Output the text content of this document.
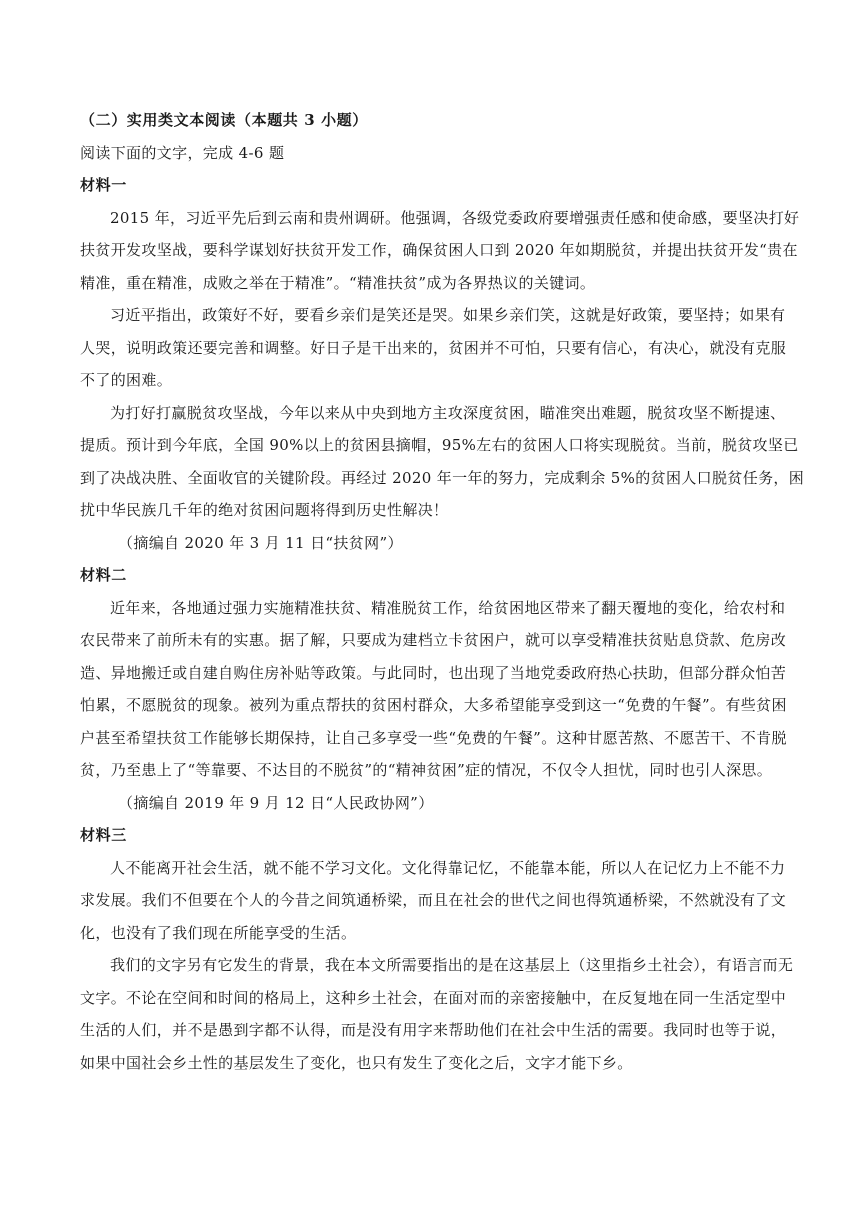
（二）实用类文本阅读（本题共 3 小题）
阅读下面的文字，完成 4-6 题
材料一
2015 年，习近平先后到云南和贵州调研。他强调，各级党委政府要增强责任感和使命感，要坚决打好
扶贫开发攻坚战，要科学谋划好扶贫开发工作，确保贫困人口到 2020 年如期脱贫，并提出扶贫开发“贵在
精准，重在精准，成败之举在于精准”。“精准扶贫”成为各界热议的关键词。
习近平指出，政策好不好，要看乡亲们是笑还是哭。如果乡亲们笑，这就是好政策，要坚持；如果有
人哭，说明政策还要完善和调整。好日子是干出来的，贫困并不可怕，只要有信心，有决心，就没有克服
不了的困难。
为打好打赢脱贫攻坚战，今年以来从中央到地方主攻深度贫困，瞄准突出难题，脱贫攻坚不断提速、
提质。预计到今年底，全国 90%以上的贫困县摘帽，95%左右的贫困人口将实现脱贫。当前，脱贫攻坚已
到了决战决胜、全面收官的关键阶段。再经过 2020 年一年的努力，完成剩余 5%的贫困人口脱贫任务，困
扰中华民族几千年的绝对贫困问题将得到历史性解决！
（摘编自 2020 年 3 月 11 日“扶贫网”）
材料二
近年来，各地通过强力实施精准扶贫、精准脱贫工作，给贫困地区带来了翻天覆地的变化，给农村和
农民带来了前所未有的实惠。据了解，只要成为建档立卡贫困户，就可以享受精准扶贫贴息贷款、危房改
造、异地搬迁或自建自购住房补贴等政策。与此同时，也出现了当地党委政府热心扶助，但部分群众怕苦
怕累，不愿脱贫的现象。被列为重点帮扶的贫困村群众，大多希望能享受到这一“免费的午餐”。有些贫困
户甚至希望扶贫工作能够长期保持，让自己多享受一些“免费的午餐”。这种甘愿苦熬、不愿苦干、不肯脱
贫，乃至患上了“等靠要、不达目的不脱贫”的“精神贫困”症的情况，不仅令人担忧，同时也引人深思。
（摘编自 2019 年 9 月 12 日“人民政协网”）
材料三
人不能离开社会生活，就不能不学习文化。文化得靠记忆，不能靠本能，所以人在记忆力上不能不力
求发展。我们不但要在个人的今昔之间筑通桥梁，而且在社会的世代之间也得筑通桥梁，不然就没有了文
化，也没有了我们现在所能享受的生活。
我们的文字另有它发生的背景，我在本文所需要指出的是在这基层上（这里指乡土社会），有语言而无
文字。不论在空间和时间的格局上，这种乡土社会，在面对而的亲密接触中，在反复地在同一生活定型中
生活的人们，并不是愚到字都不认得，而是没有用字来帮助他们在社会中生活的需要。我同时也等于说，
如果中国社会乡土性的基层发生了变化，也只有发生了变化之后，文字才能下乡。
